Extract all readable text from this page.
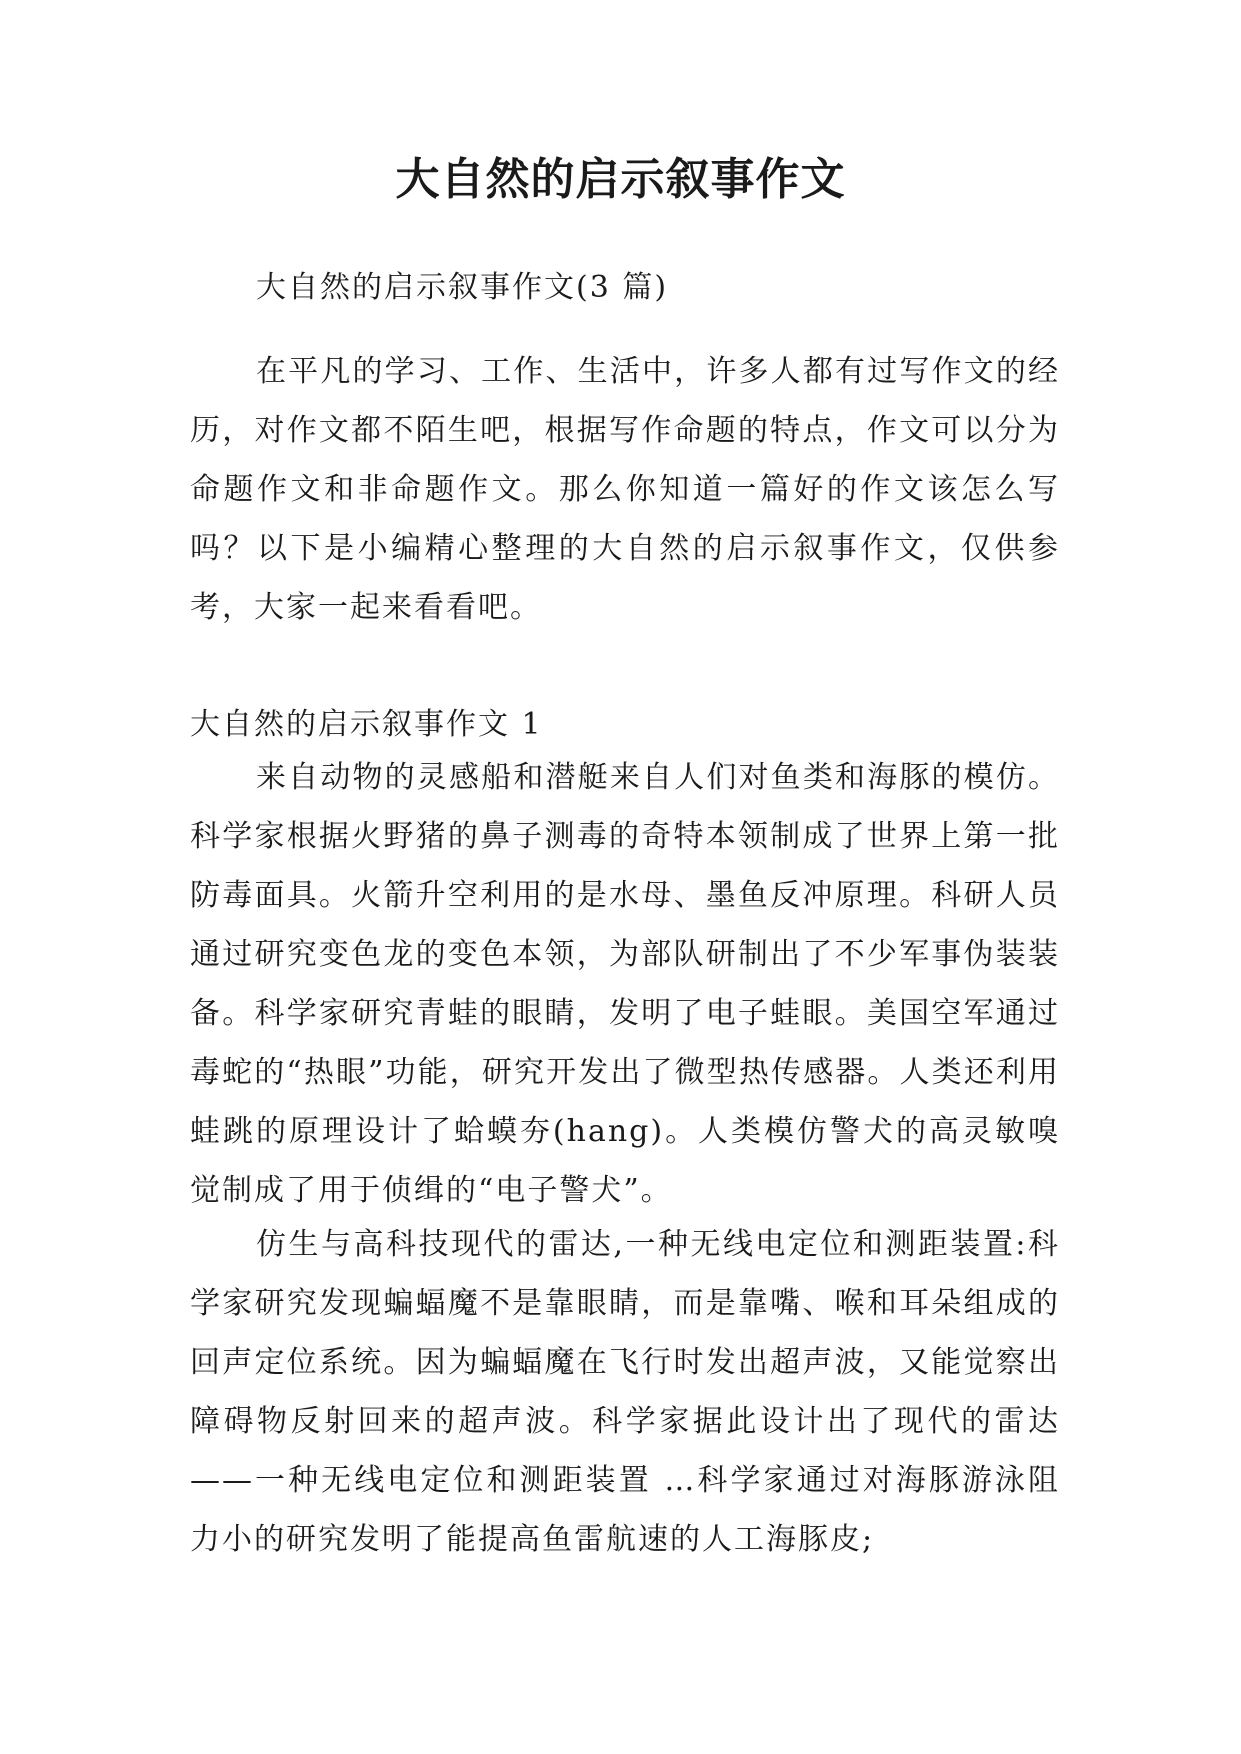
大自然的启示叙事作文

大自然的启示叙事作文(3 篇)

在平凡的学习、工作、生活中，许多人都有过写作文的经历，对作文都不陌生吧，根据写作命题的特点，作文可以分为命题作文和非命题作文。那么你知道一篇好的作文该怎么写吗？以下是小编精心整理的大自然的启示叙事作文，仅供参考，大家一起来看看吧。

大自然的启示叙事作文 1

来自动物的灵感船和潜艇来自人们对鱼类和海豚的模仿。科学家根据火野猪的鼻子测毒的奇特本领制成了世界上第一批防毒面具。火箭升空利用的是水母、墨鱼反冲原理。科研人员通过研究变色龙的变色本领，为部队研制出了不少军事伪装装备。科学家研究青蛙的眼睛，发明了电子蛙眼。美国空军通过毒蛇的“热眼”功能，研究开发出了微型热传感器。人类还利用蛙跳的原理设计了蛤蟆夯(hang)。人类模仿警犬的高灵敏嗅觉制成了用于侦缉的“电子警犬”。

仿生与高科技现代的雷达,一种无线电定位和测距装置:科学家研究发现蝙蝠魔不是靠眼睛，而是靠嘴、喉和耳朵组成的回声定位系统。因为蝙蝠魔在飞行时发出超声波，又能觉察出障碍物反射回来的超声波。科学家据此设计出了现代的雷达——一种无线电定位和测距装置 …科学家通过对海豚游泳阻力小的研究发明了能提高鱼雷航速的人工海豚皮;
